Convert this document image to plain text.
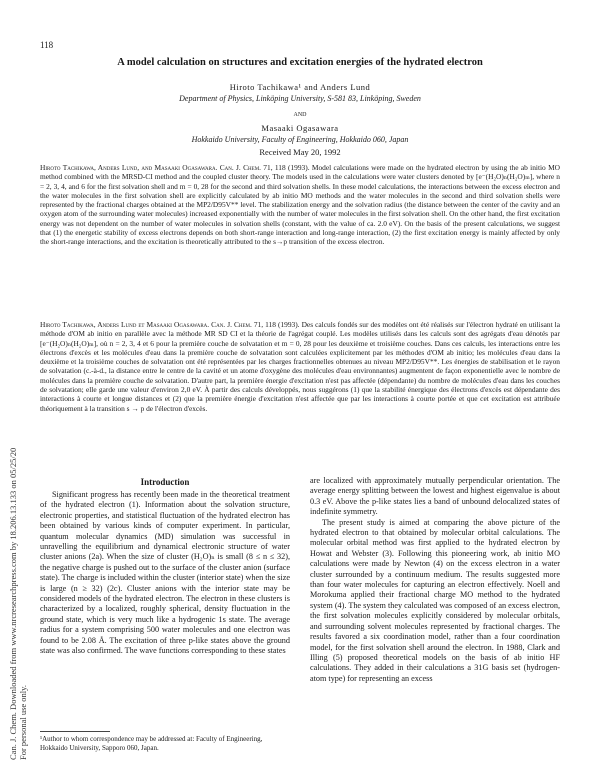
118
Can. J. Chem. Downloaded from www.nrcresearchpress.com by 18.206.13.133 on 05/25/20 For personal use only.
A model calculation on structures and excitation energies of the hydrated electron
Hiroto Tachikawa¹ and Anders Lund
Department of Physics, Linköping University, S-581 83, Linköping, Sweden
and
Masaaki Ogasawara
Hokkaido University, Faculty of Engineering, Hokkaido 060, Japan
Received May 20, 1992
Hiroto Tachikawa, Anders Lund, and Masaaki Ogasawara. Can. J. Chem. 71, 118 (1993). Model calculations were made on the hydrated electron by using the ab initio MO method combined with the MRSD-CI method and the coupled cluster theory. The models used in the calculations were water clusters denoted by [e⁻(H₂O)ₙ(H₂O)ₘ], where n = 2, 3, 4, and 6 for the first solvation shell and m = 0, 28 for the second and third solvation shells. In these model calculations, the interactions between the excess electron and the water molecules in the first solvation shell are explicitly calculated by ab initio MO methods and the water molecules in the second and third solvation shells were represented by the fractional charges obtained at the MP2/D95V** level. The stabilization energy and the solvation radius (the distance between the center of the cavity and an oxygen atom of the surrounding water molecules) increased exponentially with the number of water molecules in the first solvation shell. On the other hand, the first excitation energy was not dependent on the number of water molecules in solvation shells (constant, with the value of ca. 2.0 eV). On the basis of the present calculations, we suggest that (1) the energetic stability of excess electrons depends on both short-range interaction and long-range interaction, (2) the first excitation energy is mainly affected by only the short-range interactions, and the excitation is theoretically attributed to the s→p transition of the excess electron.
Hiroto Tachikawa, Anders Lund et Masaaki Ogasawara. Can. J. Chem. 71, 118 (1993). Des calculs fondés sur des modèles ont été réalisés sur l'électron hydraté en utilisant la méthode d'OM ab initio en parallèle avec la méthode MR SD CI et la théorie de l'agrégat couplé. Les modèles utilisés dans les calculs sont des agrégats d'eau dénotés par [e⁻(H₂O)ₙ(H₂O)ₘ], où n = 2, 3, 4 et 6 pour la première couche de solvatation et m = 0, 28 pour les deuxième et troisième couches. Dans ces calculs, les interactions entre les électrons d'excès et les molécules d'eau dans la première couche de solvatation sont calculées explicitement par les méthodes d'OM ab initio; les molécules d'eau dans la deuxième et la troisième couches de solvatation ont été représentées par les charges fractionnelles obtenues au niveau MP2/D95V**. Les énergies de stabilisation et le rayon de solvatation (c.-à-d., la distance entre le centre de la cavité et un atome d'oxygène des molécules d'eau environnantes) augmentent de façon exponentielle avec le nombre de molécules dans la première couche de solvatation. D'autre part, la première énergie d'excitation n'est pas affectée (dépendante) du nombre de molécules d'eau dans les couches de solvatation; elle garde une valeur d'environ 2,0 eV. À partir des calculs développés, nous suggérons (1) que la stabilité énergique des électrons d'excès est dépendante des interactions à courte et longue distances et (2) que la première énergie d'excitation n'est affectée que par les interactions à courte portée et que cet excitation est attribuée théoriquement à la transition s → p de l'électron d'excès.
Introduction

Significant progress has recently been made in the theoretical treatment of the hydrated electron (1). Information about the solvation structure, electronic properties, and statistical fluctuation of the hydrated electron has been obtained by various kinds of computer experiment. In particular, quantum molecular dynamics (MD) simulation was successful in unravelling the equilibrium and dynamical electronic structure of water cluster anions (2a). When the size of cluster (H₂O)ₙ is small (8 ≤ n ≤ 32), the negative charge is pushed out to the surface of the cluster anion (surface state). The charge is included within the cluster (interior state) when the size is large (n ≥ 32) (2c). Cluster anions with the interior state may be considered models of the hydrated electron. The electron in these clusters is characterized by a localized, roughly spherical, density fluctuation in the ground state, which is very much like a hydrogenic 1s state. The average radius for a system comprising 500 water molecules and one electron was found to be 2.08 Å. The excitation of three p-like states above the ground state was also confirmed. The wave functions corresponding to these states

are localized with approximately mutually perpendicular orientation. The average energy splitting between the lowest and highest eigenvalue is about 0.3 eV. Above the p-like states lies a band of unbound delocalized states of indefinite symmetry.

The present study is aimed at comparing the above picture of the hydrated electron to that obtained by molecular orbital calculations. The molecular orbital method was first applied to the hydrated electron by Howat and Webster (3). Following this pioneering work, ab initio MO calculations were made by Newton (4) on the excess electron in a water cluster surrounded by a continuum medium. The results suggested more than four water molecules for capturing an electron effectively. Noell and Morokuma applied their fractional charge MO method to the hydrated system (4). The system they calculated was composed of an excess electron, the first solvation molecules explicitly considered by molecular orbitals, and surrounding solvent molecules represented by fractional charges. The results favored a six coordination model, rather than a four coordination model, for the first solvation shell around the electron. In 1988, Clark and Illing (5) proposed theoretical models on the basis of ab initio HF calculations. They added in their calculations a 31G basis set (hydrogen-atom type) for representing an excess

¹Author to whom correspondence may be addressed at: Faculty of Engineering, Hokkaido University, Sapporo 060, Japan.
